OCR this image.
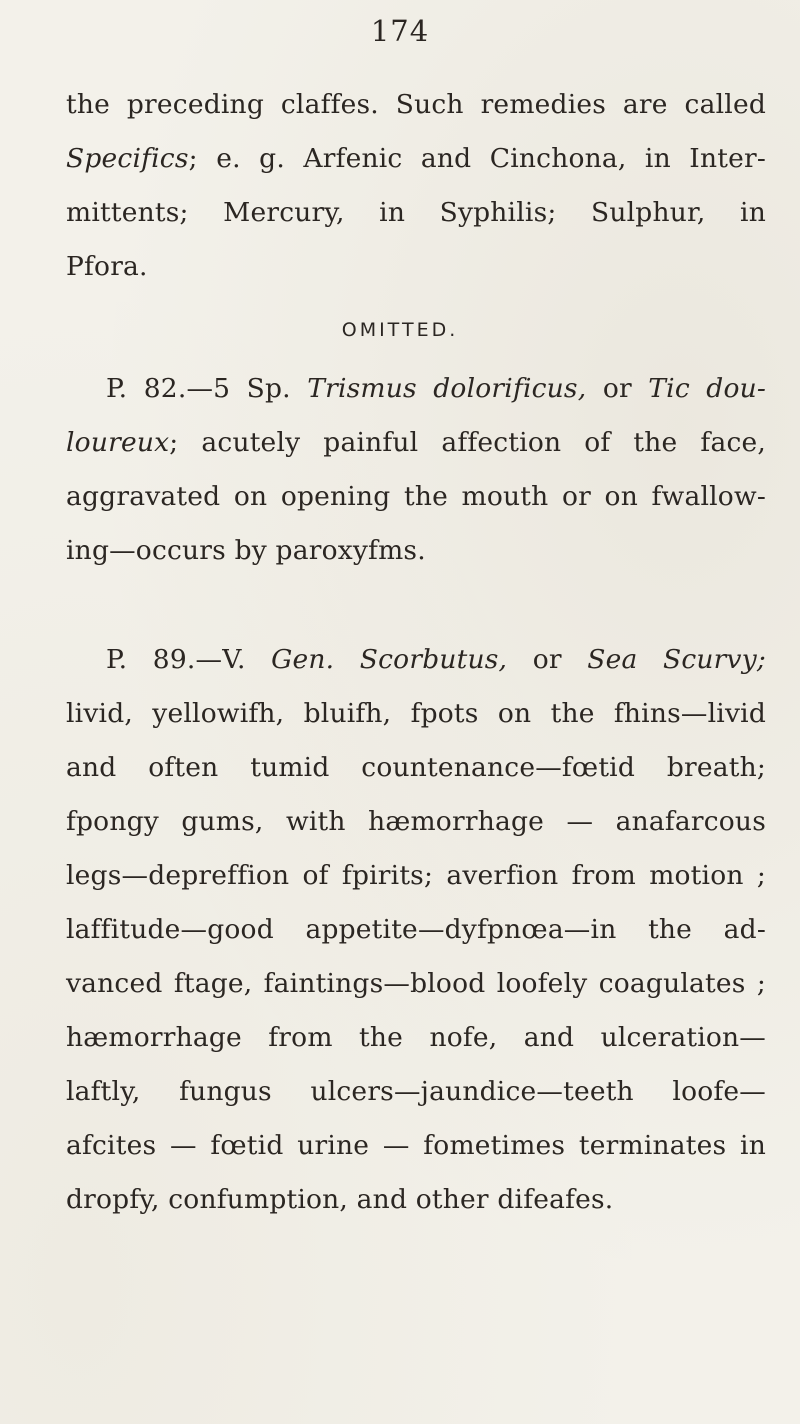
174
the preceding claffes. Such remedies are called
Specifics; e. g. Arfenic and Cinchona, in Inter-
mittents; Mercury, in Syphilis; Sulphur, in
Pfora.
OMITTED.
P. 82.—5 Sp. Trismus dolorificus, or Tic dou-
loureux; acutely painful affection of the face,
aggravated on opening the mouth or on fwallow-
ing—occurs by paroxyfms.
P. 89.—V. Gen. Scorbutus, or Sea Scurvy;
livid, yellowifh, bluifh, fpots on the fhins—livid
and often tumid countenance—fœtid breath;
fpongy gums, with hæmorrhage — anafarcous
legs—depreffion of fpirits; averfion from motion ;
laffitude—good appetite—dyfpnœa—in the ad-
vanced ftage, faintings—blood loofely coagulates ;
hæmorrhage from the nofe, and ulceration—
laftly, fungus ulcers—jaundice—teeth loofe—
afcites — fœtid urine — fometimes terminates in
dropfy, confumption, and other difeafes.
